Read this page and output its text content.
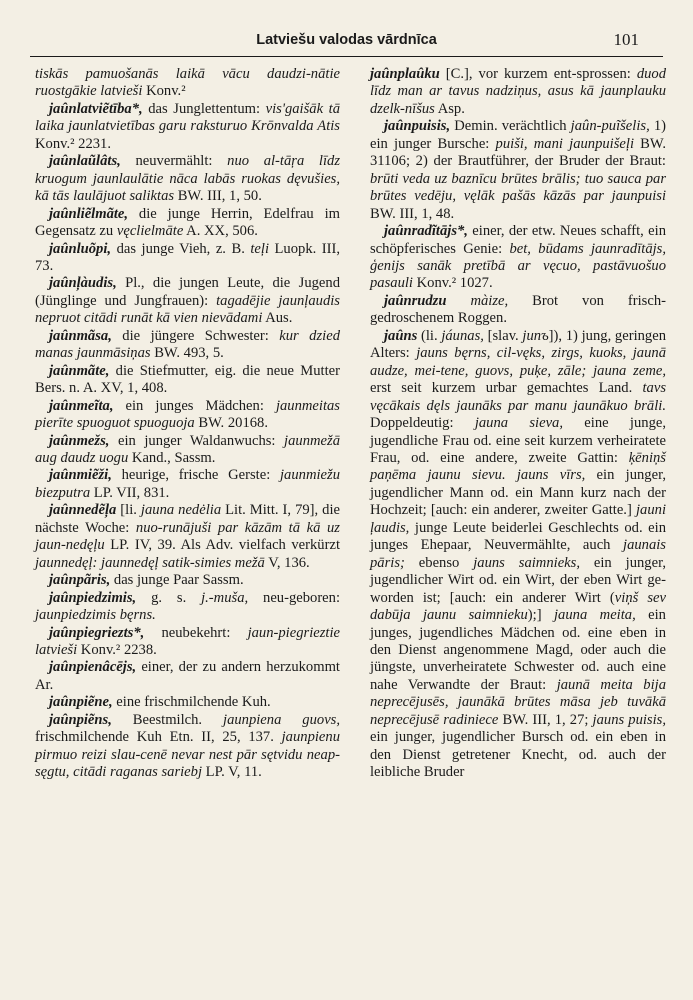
Latviešu valodas vārdnīca	101

tiskās pamuošanās laikā vācu daudzi-nātie ruostgākie latvieši Konv.²

jaûnlatviẽtība*, das Junglettentum: vis'gaišāk tā laika jaunlatvietības garu raksturuo Krōnvalda Atis Konv.² 2231.

jaûnlaũlâts, neuvermählt: nuo al-tāŗa līdz kruogum jaunlaulātie nāca labās ruokas dęvušies, kā tās laulājuot saliktas BW. III, 1, 50.

jaûnliẽlmãte, die junge Herrin, Edelfrau im Gegensatz zu vęclielmāte A. XX, 506.

jaûnluõpi, das junge Vieh, z. B. teļi Luopk. III, 73.

jaûnļàudis, Pl., die jungen Leute, die Jugend (Jünglinge und Jungfrauen): tagadējie jaunļaudis nepruot citādi runāt kā vien nievādami Aus.

jaûnmãsa, die jüngere Schwester: kur dzied manas jaunmāsiņas BW. 493, 5.

jaûnmãte, die Stiefmutter, eig. die neue Mutter Bers. n. A. XV, 1, 408.

jaûnmeĩta, ein junges Mädchen: jaunmeitas pierīte spuoguot spuoguoja BW. 20168.

jaûnmežs, ein junger Waldanwuchs: jaunmežā aug daudz uogu Kand., Sassm.

jaûnmiẽži, heurige, frische Gerste: jaunmiežu biezputra LP. VII, 831.

jaûnnedẽļa [li. jauna nedėlia Lit. Mitt. I, 79], die nächste Woche: nuo-runājuši par kāzām tā kā uz jaun-nedęļu LP. IV, 39. Als Adv. vielfach verkürzt jaunnedęļ: jaunnedęļ satik-simies mežā V, 136.

jaûnpãris, das junge Paar Sassm.

jaûnpiedzimis, g. s. j.-muša, neu-geboren: jaunpiedzimis bęrns.

jaûnpiegriezts*, neubekehrt: jaun-piegrieztie latvieši Konv.² 2238.

jaûnpienâcējs, einer, der zu andern herzukommt Ar.

jaûnpiẽne, eine frischmilchende Kuh.

jaûnpiẽns, Beestmilch. jaunpiena guovs, frischmilchende Kuh Etn. II, 25, 137. jaunpienu pirmuo reizi slau-cenē nevar nest pār sętvidu neap-sęgtu, citādi raganas sariebj LP. V, 11.

jaûnplaûku [C.], vor kurzem ent-sprossen: duod līdz man ar tavus nadziņus, asus kā jaunplauku dzelk-nīšus Asp.

jaûnpuisis, Demin. verächtlich jaûn-puĩšelis, 1) ein junger Bursche: puiši, mani jaunpuišeļi BW. 31106; 2) der Brautführer, der Bruder der Braut: brūti veda uz baznīcu brūtes brālis; tuo sauca par brūtes vedēju, vęlāk pašās kāzās par jaunpuisi BW. III, 1, 48.

jaûnradĩtājs*, einer, der etw. Neues schafft, ein schöpferisches Genie: bet, būdams jaunradītājs, ģenijs sanāk pretībā ar vęcuo, pastāvuošuo pasauli Konv.² 1027.

jaûnrudzu màize, Brot von frisch-gedroschenem Roggen.

jaûns (li. jáunas, [slav. junъ]), 1) jung, geringen Alters: jauns bęrns, cil-vęks, zirgs, kuoks, jaunā audze, mei-tene, guovs, puķe, zāle; jauna zeme, erst seit kurzem urbar gemachtes Land. tavs vęcākais dęls jaunāks par manu jaunākuo brāli. Doppeldeutig: jauna sieva, eine junge, jugendliche Frau od. eine seit kurzem verheiratete Frau, od. eine andere, zweite Gattin: ķēniņš paņēma jaunu sievu. jauns vīrs, ein junger, jugendlicher Mann od. ein Mann kurz nach der Hochzeit; [auch: ein anderer, zweiter Gatte.] jauni ļaudis, junge Leute beiderlei Geschlechts od. ein junges Ehepaar, Neuvermählte, auch jaunais pāris; ebenso jauns saimnieks, ein junger, jugendlicher Wirt od. ein Wirt, der eben Wirt ge-worden ist; [auch: ein anderer Wirt (viņš sev dabūja jaunu saimnieku);] jauna meita, ein junges, jugendliches Mädchen od. eine eben in den Dienst angenommene Magd, oder auch die jüngste, unverheiratete Schwester od. auch eine nahe Verwandte der Braut: jaunā meita bija neprecējusēs, jaunākā brūtes māsa jeb tuvākā neprecējusē radiniece BW. III, 1, 27; jauns puisis, ein junger, jugendlicher Bursch od. ein eben in den Dienst getretener Knecht, od. auch der leibliche Bruder
